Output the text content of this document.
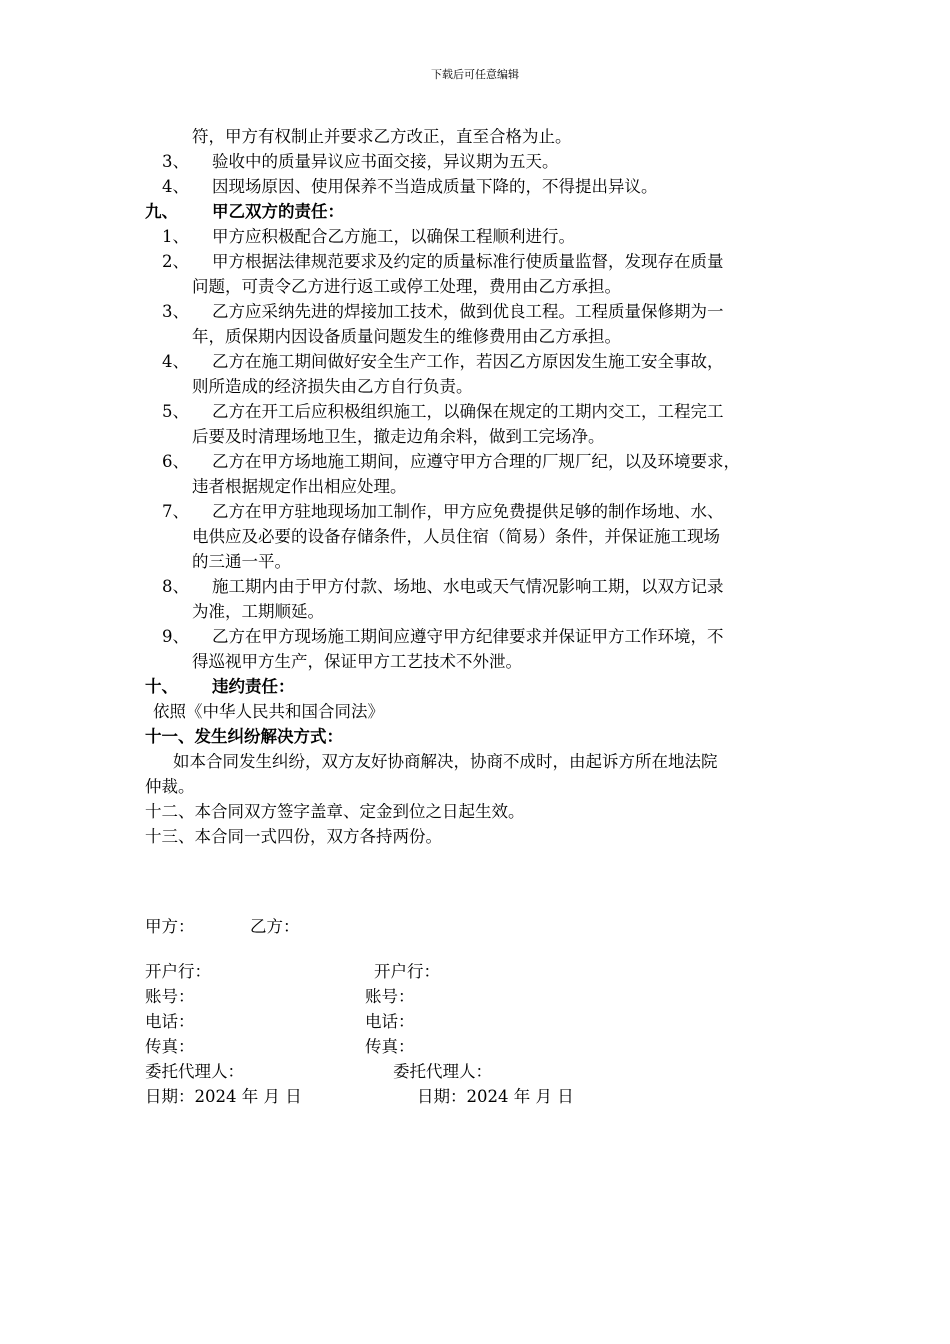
下载后可任意编辑
符，甲方有权制止并要求乙方改正，直至合格为止。
3、 验收中的质量异议应书面交接，异议期为五天。
4、 因现场原因、使用保养不当造成质量下降的，不得提出异议。
九、 甲乙双方的责任：
1、 甲方应积极配合乙方施工，以确保工程顺利进行。
2、 甲方根据法律规范要求及约定的质量标准行使质量监督，发现存在质量
问题，可责令乙方进行返工或停工处理，费用由乙方承担。
3、 乙方应采纳先进的焊接加工技术，做到优良工程。工程质量保修期为一
年，质保期内因设备质量问题发生的维修费用由乙方承担。
4、 乙方在施工期间做好安全生产工作，若因乙方原因发生施工安全事故，
则所造成的经济损失由乙方自行负责。
5、 乙方在开工后应积极组织施工，以确保在规定的工期内交工，工程完工
后要及时清理场地卫生，撤走边角余料，做到工完场净。
6、 乙方在甲方场地施工期间，应遵守甲方合理的厂规厂纪，以及环境要求，
违者根据规定作出相应处理。
7、 乙方在甲方驻地现场加工制作，甲方应免费提供足够的制作场地、水、
电供应及必要的设备存储条件，人员住宿（简易）条件，并保证施工现场
的三通一平。
8、 施工期内由于甲方付款、场地、水电或天气情况影响工期，以双方记录
为准，工期顺延。
9、 乙方在甲方现场施工期间应遵守甲方纪律要求并保证甲方工作环境，不
得巡视甲方生产，保证甲方工艺技术不外泄。
十、 违约责任：
依照《中华人民共和国合同法》
十一、发生纠纷解决方式：
如本合同发生纠纷，双方友好协商解决，协商不成时，由起诉方所在地法院
仲裁。
十二、本合同双方签字盖章、定金到位之日起生效。
十三、本合同一式四份，双方各持两份。
甲方：	乙方：
开户行：	开户行：
账号：	账号：
电话：	电话：
传真：	传真：
委托代理人：	委托代理人：
日期：2024 年 月 日	日期：2024 年 月 日
